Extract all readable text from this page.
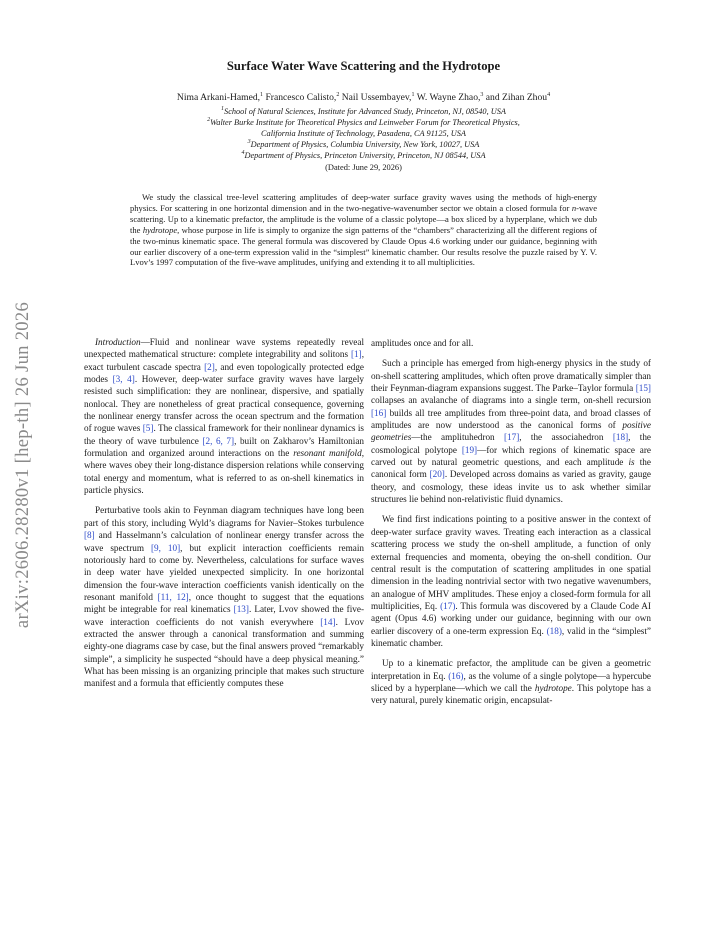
arXiv:2606.28280v1 [hep-th] 26 Jun 2026
Surface Water Wave Scattering and the Hydrotope
Nima Arkani-Hamed,$^1$ Francesco Calisto,$^2$ Nail Ussembayev,$^1$ W. Wayne Zhao,$^3$ and Zihan Zhou$^4$
$^1$School of Natural Sciences, Institute for Advanced Study, Princeton, NJ, 08540, USA
$^2$Walter Burke Institute for Theoretical Physics and Leinweber Forum for Theoretical Physics,
California Institute of Technology, Pasadena, CA 91125, USA
$^3$Department of Physics, Columbia University, New York, 10027, USA
$^4$Department of Physics, Princeton University, Princeton, NJ 08544, USA
(Dated: June 29, 2026)

We study the classical tree-level scattering amplitudes of deep-water surface gravity waves using the methods of high-energy physics. For scattering in one horizontal dimension and in the two-negative-wavenumber sector we obtain a closed formula for n-wave scattering. Up to a kinematic prefactor, the amplitude is the volume of a classic polytope—a box sliced by a hyperplane, which we dub the hydrotope, whose purpose in life is simply to organize the sign patterns of the “chambers” characterizing all the different regions of the two-minus kinematic space. The general formula was discovered by Claude Opus 4.6 working under our guidance, beginning with our earlier discovery of a one-term expression valid in the “simplest” kinematic chamber. Our results resolve the puzzle raised by Y. V. Lvov’s 1997 computation of the five-wave amplitudes, unifying and extending it to all multiplicities.

Introduction—Fluid and nonlinear wave systems repeatedly reveal unexpected mathematical structure: complete integrability and solitons [1], exact turbulent cascade spectra [2], and even topologically protected edge modes [3, 4]. However, deep-water surface gravity waves have largely resisted such simplification: they are nonlinear, dispersive, and spatially nonlocal. They are nonetheless of great practical consequence, governing the nonlinear energy transfer across the ocean spectrum and the formation of rogue waves [5]. The classical framework for their nonlinear dynamics is the theory of wave turbulence [2, 6, 7], built on Zakharov’s Hamiltonian formulation and organized around interactions on the resonant manifold, where waves obey their long-distance dispersion relations while conserving total energy and momentum, what is referred to as on-shell kinematics in particle physics.

Perturbative tools akin to Feynman diagram techniques have long been part of this story, including Wyld’s diagrams for Navier–Stokes turbulence [8] and Hasselmann’s calculation of nonlinear energy transfer across the wave spectrum [9, 10], but explicit interaction coefficients remain notoriously hard to come by. Nevertheless, calculations for surface waves in deep water have yielded unexpected simplicity. In one horizontal dimension the four-wave interaction coefficients vanish identically on the resonant manifold [11, 12], once thought to suggest that the equations might be integrable for real kinematics [13]. Later, Lvov showed the five-wave interaction coefficients do not vanish everywhere [14]. Lvov extracted the answer through a canonical transformation and summing eighty-one diagrams case by case, but the final answers proved “remarkably simple”, a simplicity he suspected “should have a deep physical meaning.” What has been missing is an organizing principle that makes such structure manifest and a formula that efficiently computes these

amplitudes once and for all.

Such a principle has emerged from high-energy physics in the study of on-shell scattering amplitudes, which often prove dramatically simpler than their Feynman-diagram expansions suggest. The Parke–Taylor formula [15] collapses an avalanche of diagrams into a single term, on-shell recursion [16] builds all tree amplitudes from three-point data, and broad classes of amplitudes are now understood as the canonical forms of positive geometries—the amplituhedron [17], the associahedron [18], the cosmological polytope [19]—for which regions of kinematic space are carved out by natural geometric questions, and each amplitude is the canonical form [20]. Developed across domains as varied as gravity, gauge theory, and cosmology, these ideas invite us to ask whether similar structures lie behind non-relativistic fluid dynamics.

We find first indications pointing to a positive answer in the context of deep-water surface gravity waves. Treating each interaction as a classical scattering process we study the on-shell amplitude, a function of only external frequencies and momenta, obeying the on-shell condition. Our central result is the computation of scattering amplitudes in one spatial dimension in the leading nontrivial sector with two negative wavenumbers, an analogue of MHV amplitudes. These enjoy a closed-form formula for all multiplicities, Eq. (17). This formula was discovered by a Claude Code AI agent (Opus 4.6) working under our guidance, beginning with our own earlier discovery of a one-term expression Eq. (18), valid in the “simplest” kinematic chamber.

Up to a kinematic prefactor, the amplitude can be given a geometric interpretation in Eq. (16), as the volume of a single polytope—a hypercube sliced by a hyperplane—which we call the hydrotope. This polytope has a very natural, purely kinematic origin, encapsulat-
